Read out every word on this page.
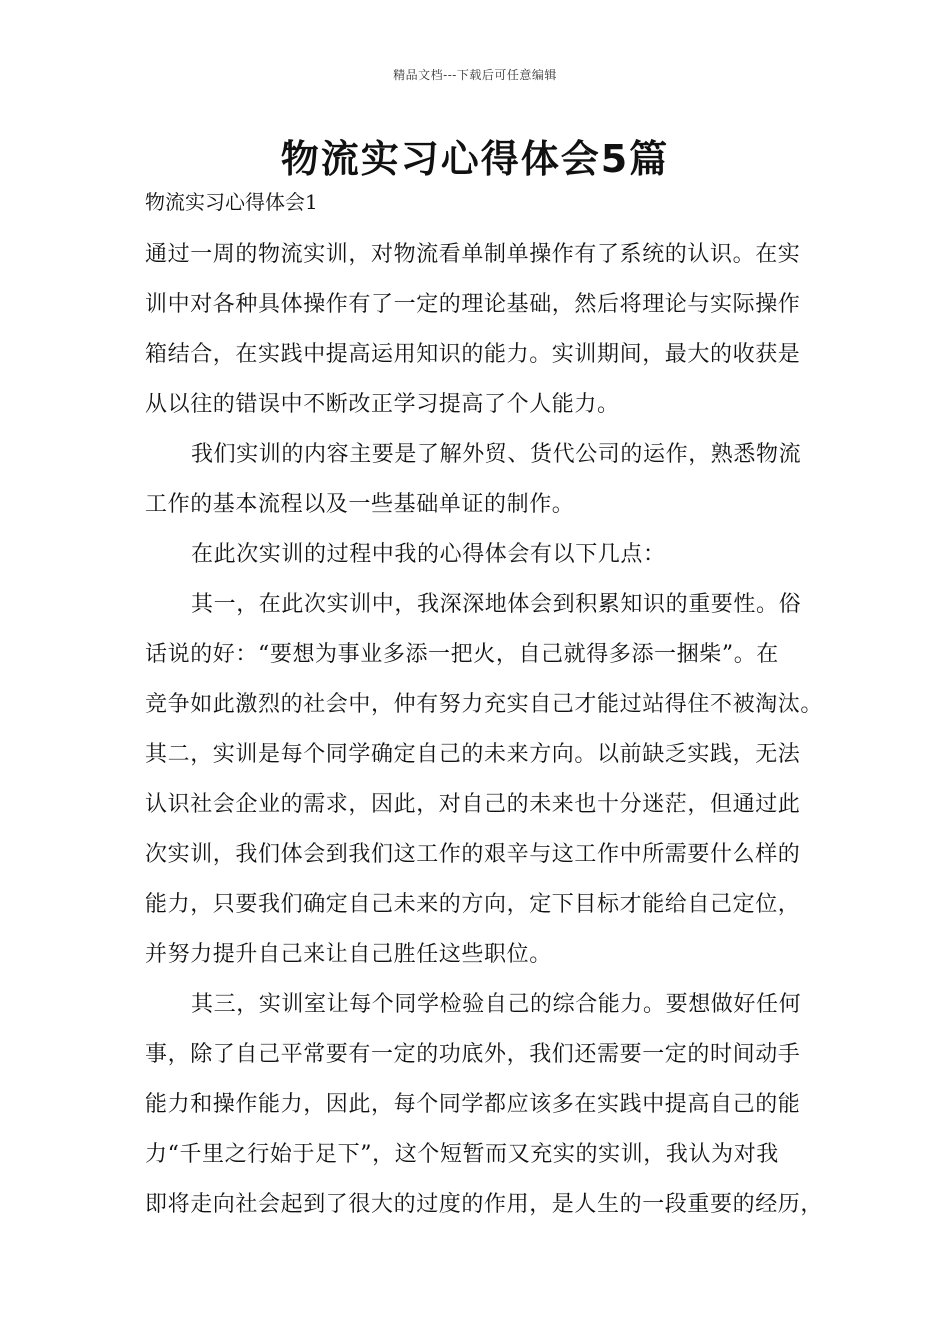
精品文档---下载后可任意编辑
物流实习心得体会5篇

物流实习心得体会1

通过一周的物流实训，对物流看单制单操作有了系统的认识。在实
训中对各种具体操作有了一定的理论基础，然后将理论与实际操作
箱结合，在实践中提高运用知识的能力。实训期间，最大的收获是
从以往的错误中不断改正学习提高了个人能力。
我们实训的内容主要是了解外贸、货代公司的运作，熟悉物流
工作的基本流程以及一些基础单证的制作。
在此次实训的过程中我的心得体会有以下几点：
其一，在此次实训中，我深深地体会到积累知识的重要性。俗
话说的好：“要想为事业多添一把火，自己就得多添一捆柴”。在
竞争如此激烈的社会中，仲有努力充实自己才能过站得住不被淘汰。
其二，实训是每个同学确定自己的未来方向。以前缺乏实践，无法
认识社会企业的需求，因此，对自己的未来也十分迷茫，但通过此
次实训，我们体会到我们这工作的艰辛与这工作中所需要什么样的
能力，只要我们确定自己未来的方向，定下目标才能给自己定位，
并努力提升自己来让自己胜任这些职位。
其三，实训室让每个同学检验自己的综合能力。要想做好任何
事，除了自己平常要有一定的功底外，我们还需要一定的时间动手
能力和操作能力，因此，每个同学都应该多在实践中提高自己的能
力“千里之行始于足下”，这个短暂而又充实的实训，我认为对我
即将走向社会起到了很大的过度的作用，是人生的一段重要的经历，
